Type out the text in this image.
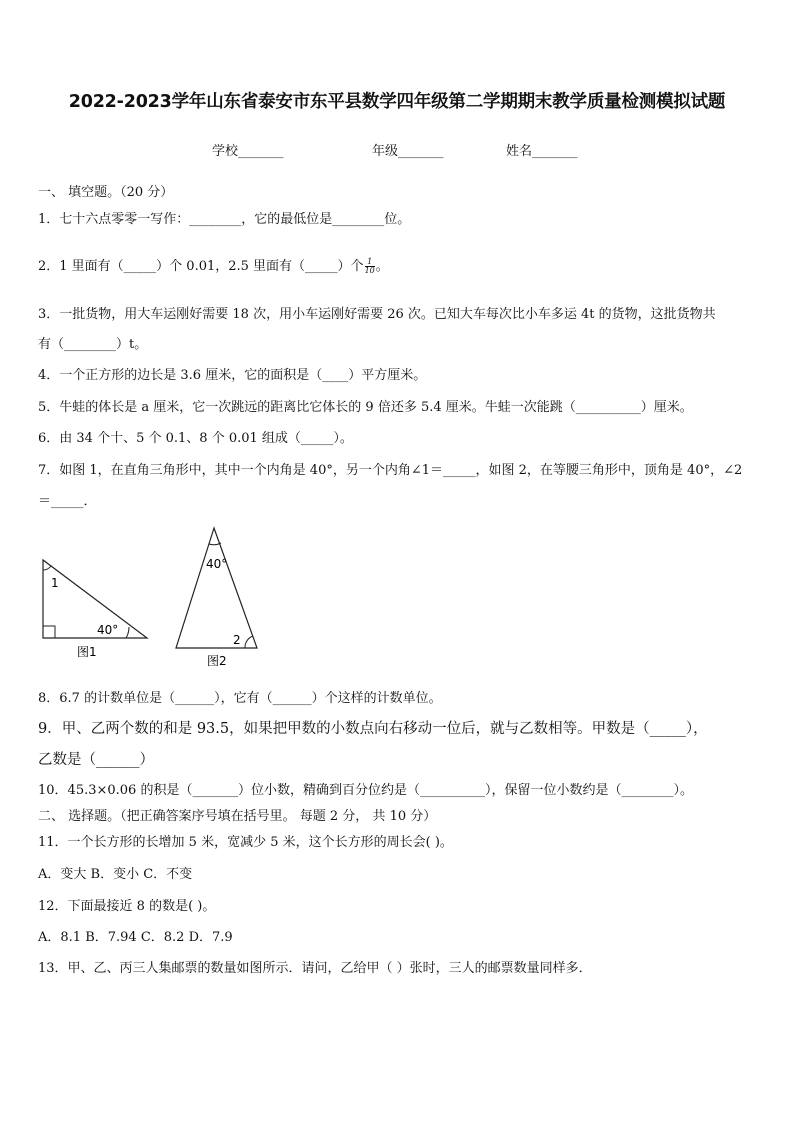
2022-2023学年山东省泰安市东平县数学四年级第二学期期末教学质量检测模拟试题
学校_______	年级_______	姓名_______
一、 填空题。（20 分）
1．七十六点零零一写作：________，它的最低位是________位。
2．1 里面有（_____）个 0.01，2.5 里面有（_____）个 $\frac{1}{10}$ 。
3．一批货物，用大车运刚好需要 18 次，用小车运刚好需要 26 次。已知大车每次比小车多运 4t 的货物，这批货物共
有（________）t。
4．一个正方形的边长是 3.6 厘米，它的面积是（____）平方厘米。
5．牛蛙的体长是 a 厘米，它一次跳远的距离比它体长的 9 倍还多 5.4 厘米。牛蛙一次能跳（__________）厘米。
6．由 34 个十、5 个 0.1、8 个 0.01 组成（_____）。
7．如图 1，在直角三角形中，其中一个内角是 40°，另一个内角∠1＝_____，如图 2，在等腰三角形中，顶角是 40°，∠2
＝_____．
1
40°
图1
40°
2
图2
8．6.7 的计数单位是（______），它有（______）个这样的计数单位。
9．甲、乙两个数的和是 93.5，如果把甲数的小数点向右移动一位后，就与乙数相等。甲数是（_____），
乙数是（______）
10．45.3×0.06 的积是（_______）位小数，精确到百分位约是（__________），保留一位小数约是（________）。
二、 选择题。（把正确答案序号填在括号里。 每题 2 分， 共 10 分）
11．一个长方形的长增加 5 米，宽减少 5 米，这个长方形的周长会( )。
A．变大 B．变小 C．不变
12．下面最接近 8 的数是( )。
A．8.1 B．7.94 C．8.2 D．7.9
13．甲、乙、丙三人集邮票的数量如图所示．请问，乙给甲（ ）张时，三人的邮票数量同样多．
